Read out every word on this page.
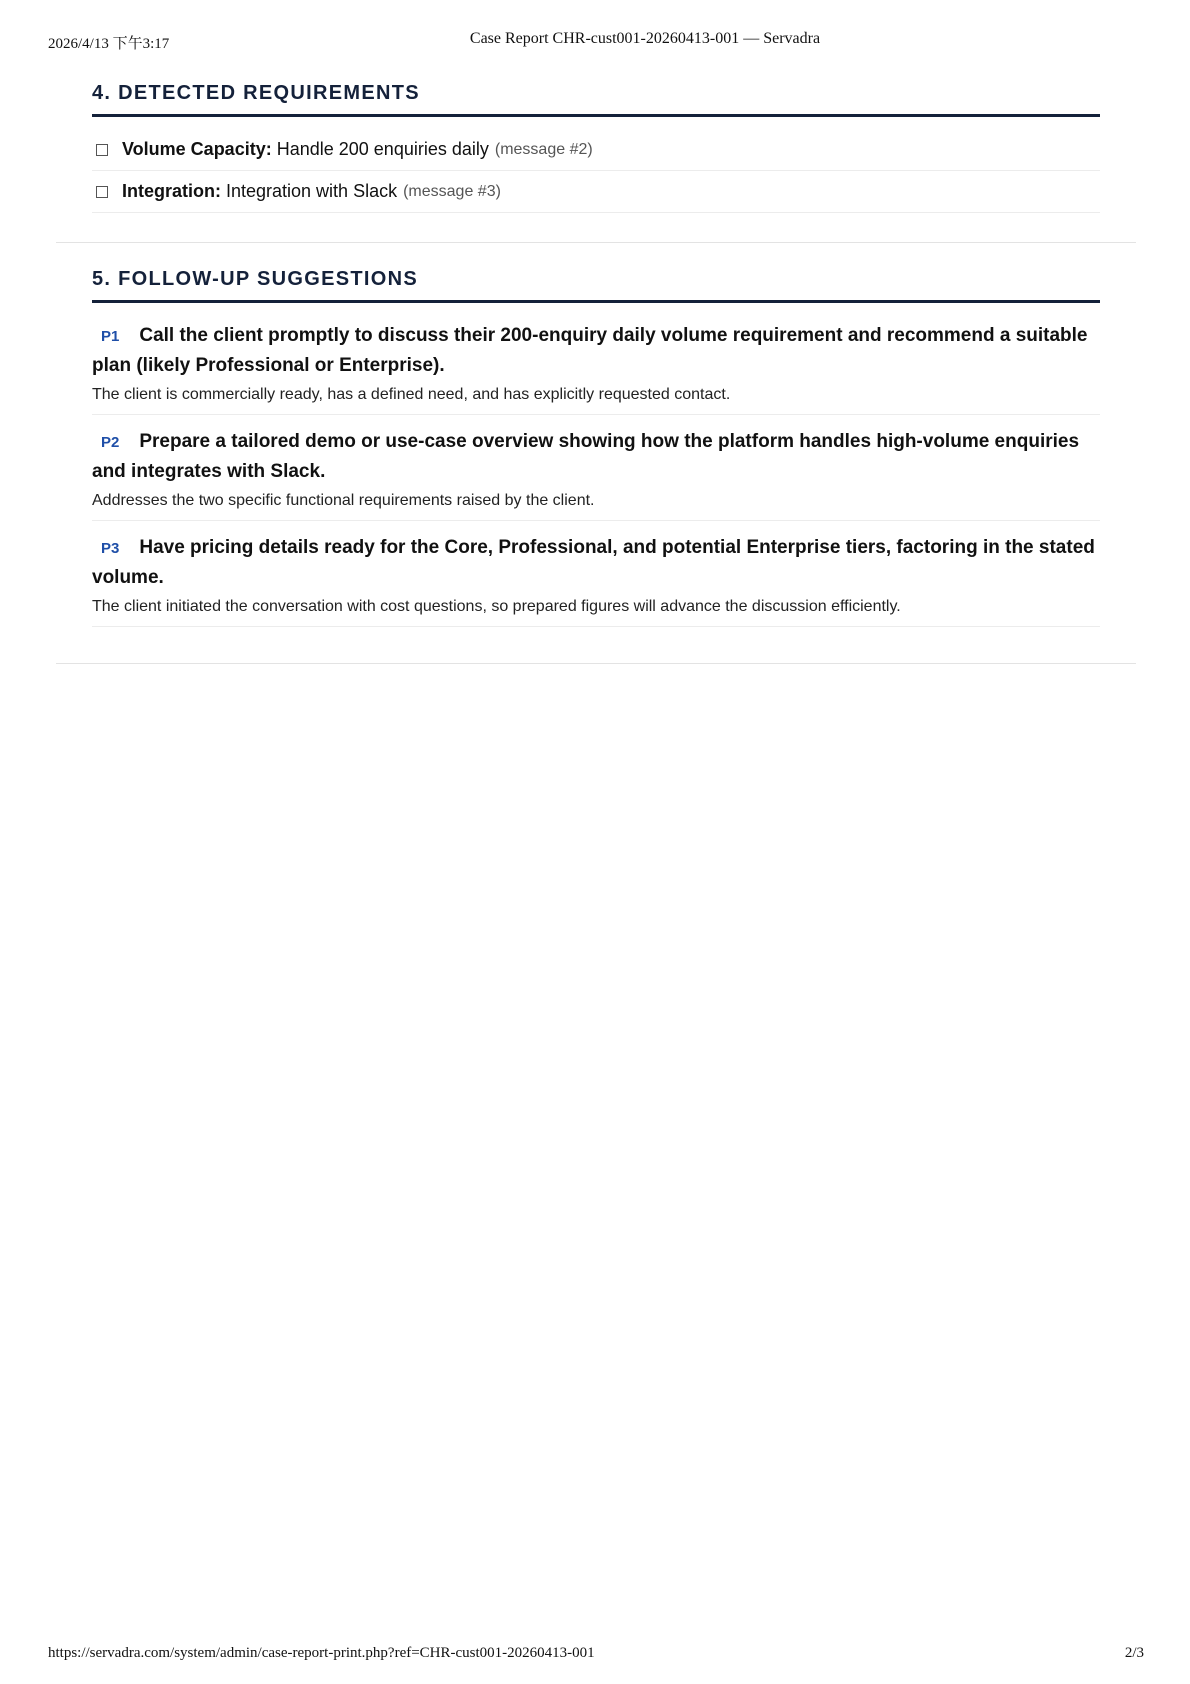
2026/4/13 下午3:17	Case Report CHR-cust001-20260413-001 — Servadra
4. DETECTED REQUIREMENTS
Volume Capacity: Handle 200 enquiries daily (message #2)
Integration: Integration with Slack (message #3)
5. FOLLOW-UP SUGGESTIONS
P1 Call the client promptly to discuss their 200-enquiry daily volume requirement and recommend a suitable plan (likely Professional or Enterprise).
The client is commercially ready, has a defined need, and has explicitly requested contact.
P2 Prepare a tailored demo or use-case overview showing how the platform handles high-volume enquiries and integrates with Slack.
Addresses the two specific functional requirements raised by the client.
P3 Have pricing details ready for the Core, Professional, and potential Enterprise tiers, factoring in the stated volume.
The client initiated the conversation with cost questions, so prepared figures will advance the discussion efficiently.
https://servadra.com/system/admin/case-report-print.php?ref=CHR-cust001-20260413-001	2/3
